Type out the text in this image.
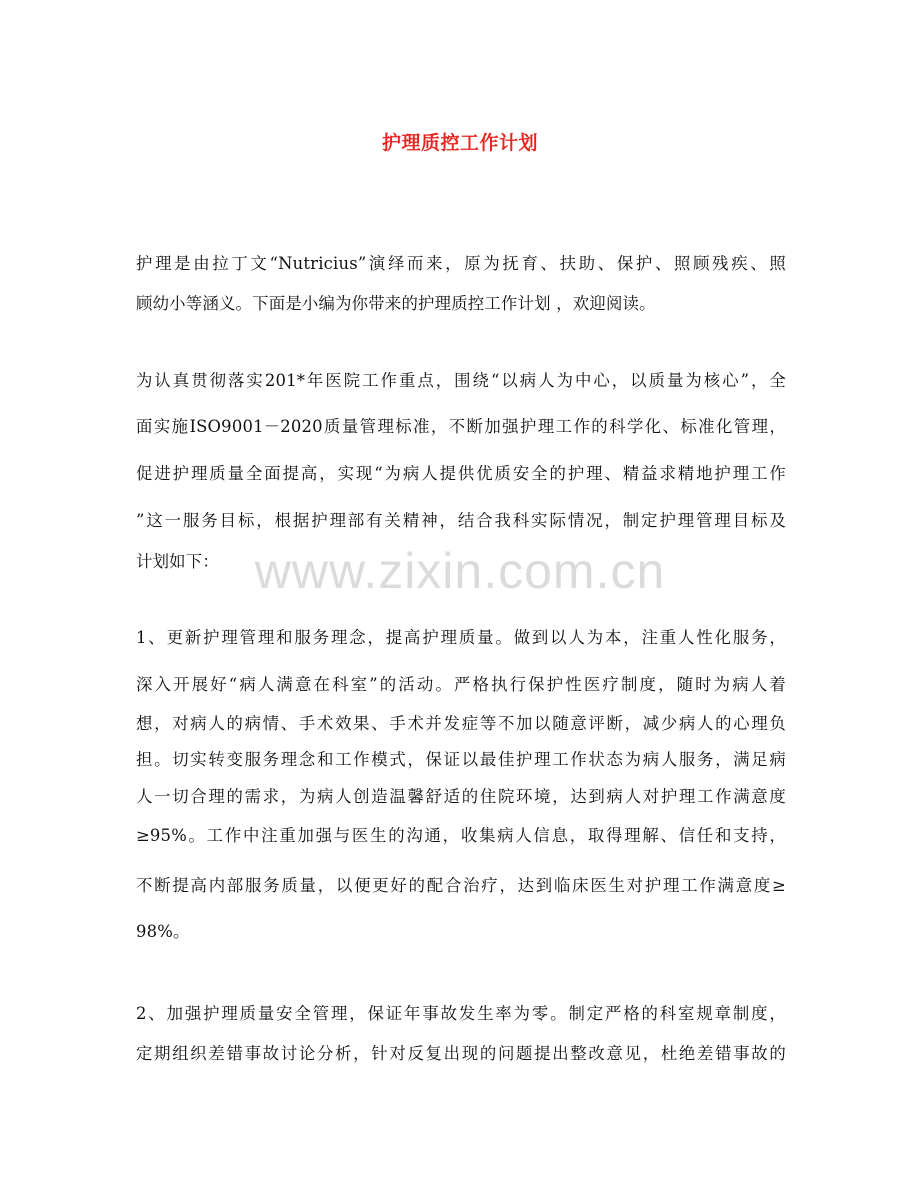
护理质控工作计划
www.zixin.com.cn
护理是由拉丁文“Nutricius”演绎而来，原为抚育、扶助、保护、照顾残疾、照
顾幼小等涵义。下面是小编为你带来的护理质控工作计划 ，欢迎阅读。
为认真贯彻落实201*年医院工作重点，围绕“以病人为中心，以质量为核心”，全
面实施ISO9001－2020质量管理标准，不断加强护理工作的科学化、标准化管理，
促进护理质量全面提高，实现“为病人提供优质安全的护理、精益求精地护理工作
”这一服务目标，根据护理部有关精神，结合我科实际情况，制定护理管理目标及
计划如下：
1、更新护理管理和服务理念，提高护理质量。做到以人为本，注重人性化服务，
深入开展好“病人满意在科室”的活动。严格执行保护性医疗制度，随时为病人着
想，对病人的病情、手术效果、手术并发症等不加以随意评断，减少病人的心理负
担。切实转变服务理念和工作模式，保证以最佳护理工作状态为病人服务，满足病
人一切合理的需求，为病人创造温馨舒适的住院环境，达到病人对护理工作满意度
≥95%。工作中注重加强与医生的沟通，收集病人信息，取得理解、信任和支持，
不断提高内部服务质量，以便更好的配合治疗，达到临床医生对护理工作满意度≥
98%。
2、加强护理质量安全管理，保证年事故发生率为零。制定严格的科室规章制度，
定期组织差错事故讨论分析，针对反复出现的问题提出整改意见，杜绝差错事故的
